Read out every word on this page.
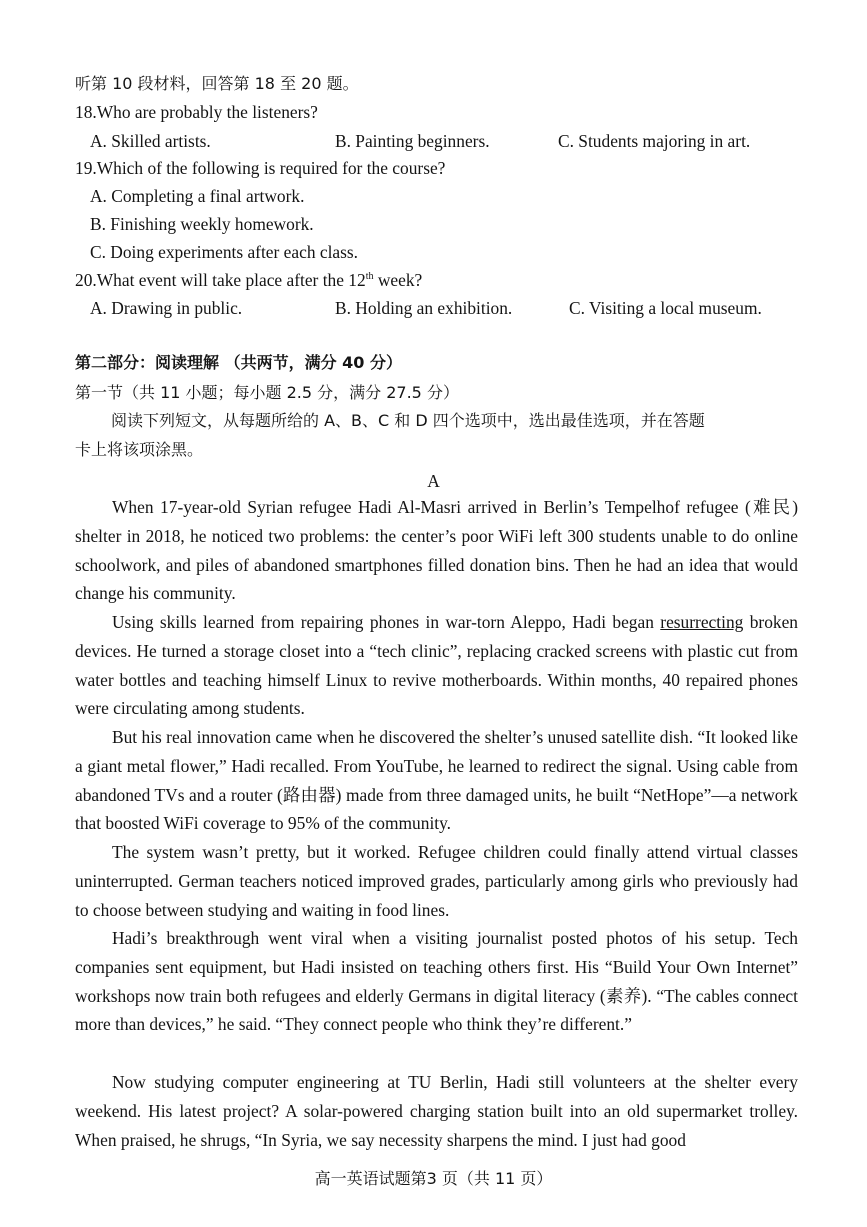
听第 10 段材料，回答第 18 至 20 题。
18.Who are probably the listeners?
A. Skilled artists.	B. Painting beginners.	C. Students majoring in art.
19.Which of the following is required for the course?
A. Completing a final artwork.
B. Finishing weekly homework.
C. Doing experiments after each class.
20.What event will take place after the 12th week?
A. Drawing in public.	B. Holding an exhibition.	C. Visiting a local museum.
第二部分：阅读理解 （共两节，满分 40 分）
第一节（共 11 小题；每小题 2.5 分，满分 27.5 分）
阅读下列短文，从每题所给的 A、B、C 和 D 四个选项中，选出最佳选项，并在答题
卡上将该项涂黑。
A
When 17-year-old Syrian refugee Hadi Al-Masri arrived in Berlin’s Tempelhof refugee (难民) shelter in 2018, he noticed two problems: the center’s poor WiFi left 300 students unable to do online schoolwork, and piles of abandoned smartphones filled donation bins. Then he had an idea that would change his community.
Using skills learned from repairing phones in war-torn Aleppo, Hadi began resurrecting broken devices. He turned a storage closet into a “tech clinic”, replacing cracked screens with plastic cut from water bottles and teaching himself Linux to revive motherboards. Within months, 40 repaired phones were circulating among students.
But his real innovation came when he discovered the shelter’s unused satellite dish. “It looked like a giant metal flower,” Hadi recalled. From YouTube, he learned to redirect the signal. Using cable from abandoned TVs and a router (路由器) made from three damaged units, he built “NetHope”—a network that boosted WiFi coverage to 95% of the community.
The system wasn’t pretty, but it worked. Refugee children could finally attend virtual classes uninterrupted. German teachers noticed improved grades, particularly among girls who previously had to choose between studying and waiting in food lines.
Hadi’s breakthrough went viral when a visiting journalist posted photos of his setup. Tech companies sent equipment, but Hadi insisted on teaching others first. His “Build Your Own Internet” workshops now train both refugees and elderly Germans in digital literacy (素养). “The cables connect more than devices,” he said. “They connect people who think they’re different.”
Now studying computer engineering at TU Berlin, Hadi still volunteers at the shelter every weekend. His latest project? A solar-powered charging station built into an old supermarket trolley. When praised, he shrugs, “In Syria, we say necessity sharpens the mind. I just had good
高一英语试题第3 页（共 11 页）
